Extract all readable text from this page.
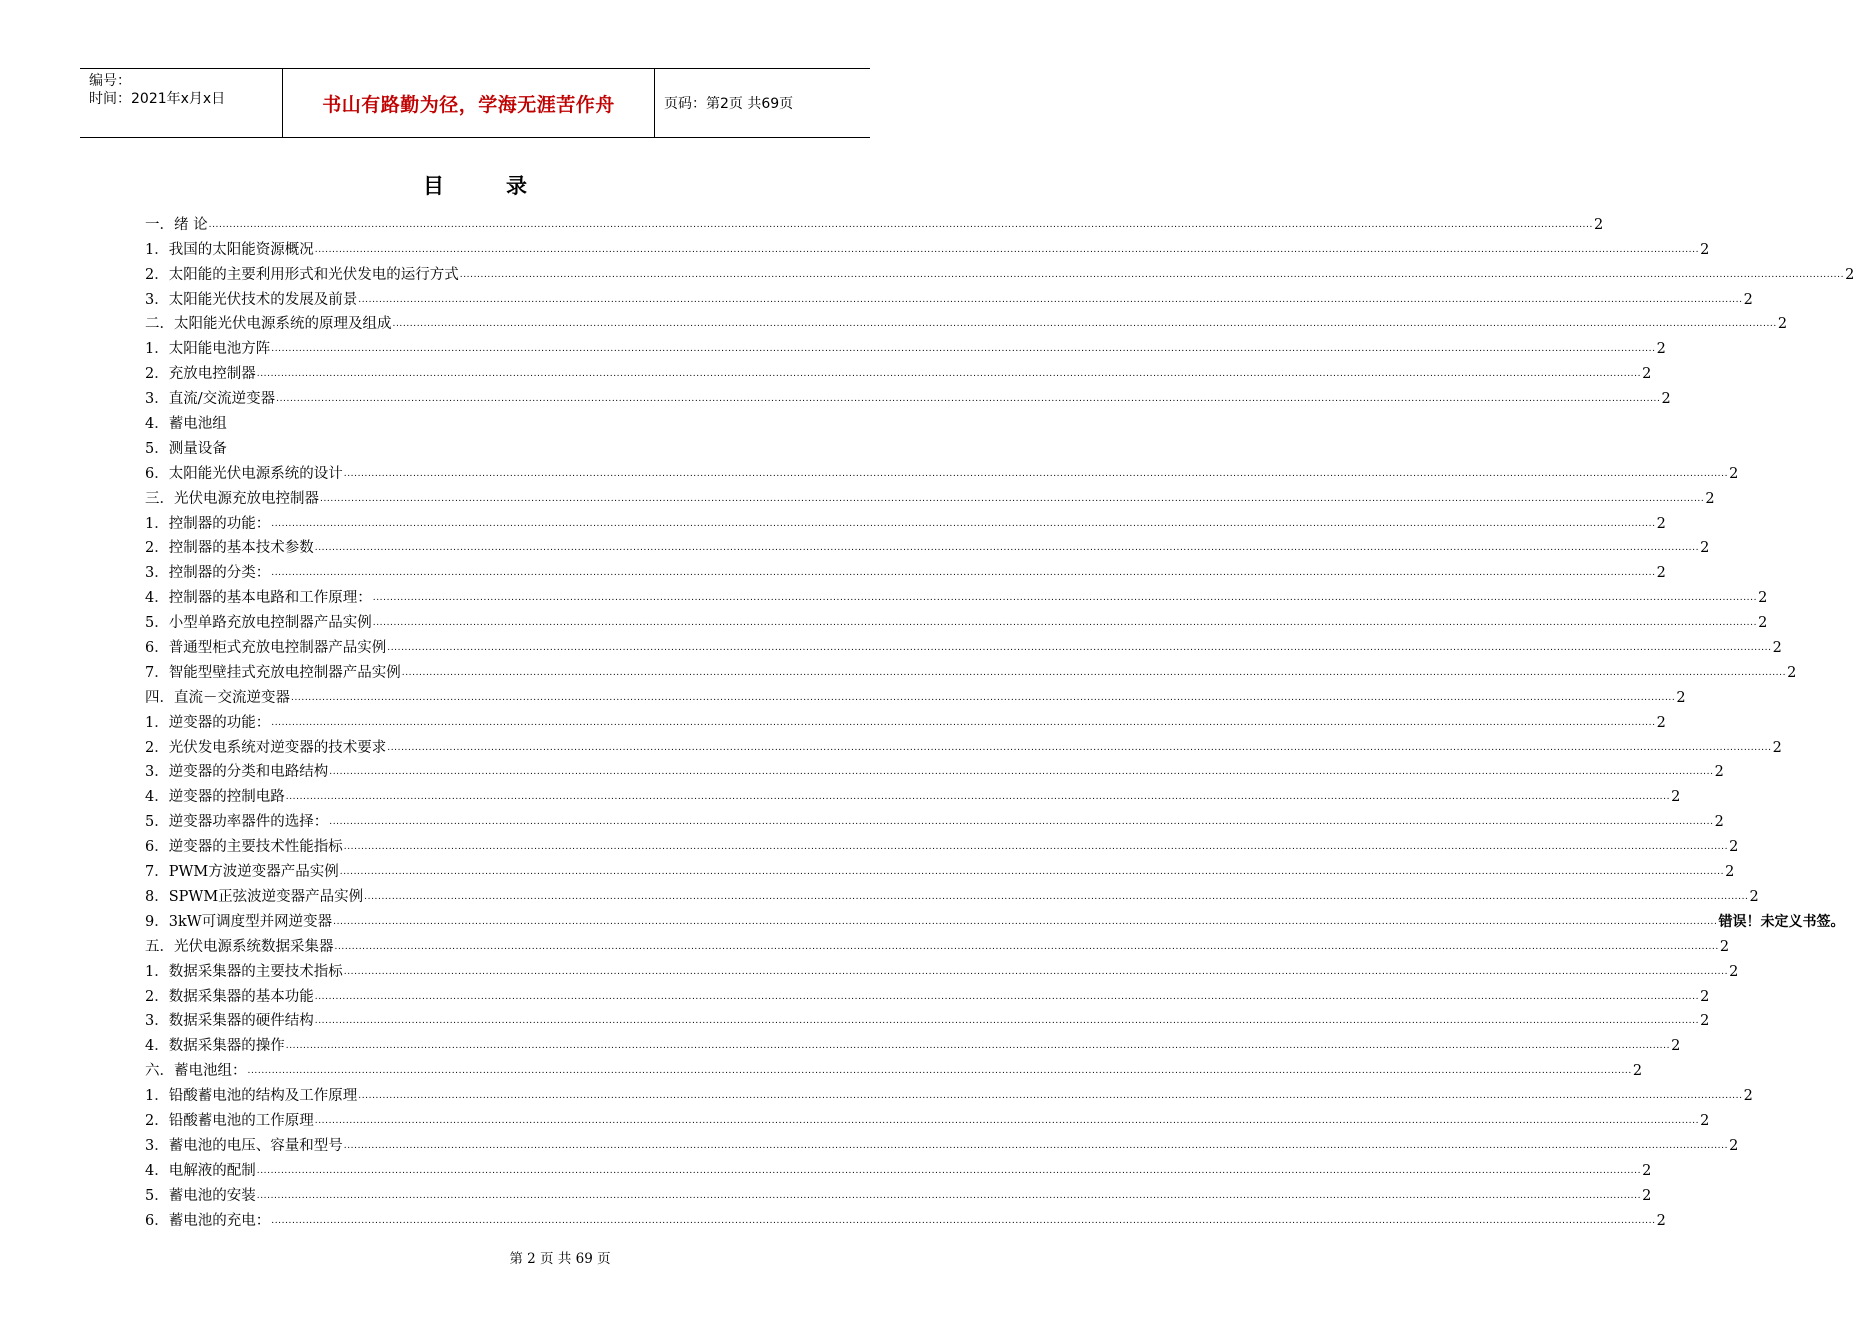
编号：
时间：2021年x月x日	书山有路勤为径，学海无涯苦作舟	页码：第2页 共69页
目	录
一．绪 论 ................................................................................................................................................................................................................................................................................................................................................................................................................ 2
1．我国的太阳能资源概况 ................................................................................................................................................................................................................................................................................................................................................................................................................ 2
2．太阳能的主要利用形式和光伏发电的运行方式 ................................................................................................................................................................................................................................................................................................................................................................................................................ 2
3．太阳能光伏技术的发展及前景 ................................................................................................................................................................................................................................................................................................................................................................................................................ 2
二．太阳能光伏电源系统的原理及组成 ................................................................................................................................................................................................................................................................................................................................................................................................................ 2
1．太阳能电池方阵 ................................................................................................................................................................................................................................................................................................................................................................................................................ 2
2．充放电控制器 ................................................................................................................................................................................................................................................................................................................................................................................................................ 2
3．直流/交流逆变器 ................................................................................................................................................................................................................................................................................................................................................................................................................ 2
4．蓄电池组
5．测量设备
6．太阳能光伏电源系统的设计 ................................................................................................................................................................................................................................................................................................................................................................................................................ 2
三．光伏电源充放电控制器 ................................................................................................................................................................................................................................................................................................................................................................................................................ 2
1．控制器的功能： ................................................................................................................................................................................................................................................................................................................................................................................................................ 2
2．控制器的基本技术参数 ................................................................................................................................................................................................................................................................................................................................................................................................................ 2
3．控制器的分类： ................................................................................................................................................................................................................................................................................................................................................................................................................ 2
4．控制器的基本电路和工作原理： ................................................................................................................................................................................................................................................................................................................................................................................................................ 2
5．小型单路充放电控制器产品实例 ................................................................................................................................................................................................................................................................................................................................................................................................................ 2
6．普通型柜式充放电控制器产品实例 ................................................................................................................................................................................................................................................................................................................................................................................................................ 2
7．智能型壁挂式充放电控制器产品实例 ................................................................................................................................................................................................................................................................................................................................................................................................................ 2
四．直流－交流逆变器 ................................................................................................................................................................................................................................................................................................................................................................................................................ 2
1．逆变器的功能： ................................................................................................................................................................................................................................................................................................................................................................................................................ 2
2．光伏发电系统对逆变器的技术要求 ................................................................................................................................................................................................................................................................................................................................................................................................................ 2
3．逆变器的分类和电路结构 ................................................................................................................................................................................................................................................................................................................................................................................................................ 2
4．逆变器的控制电路 ................................................................................................................................................................................................................................................................................................................................................................................................................ 2
5．逆变器功率器件的选择： ................................................................................................................................................................................................................................................................................................................................................................................................................ 2
6．逆变器的主要技术性能指标 ................................................................................................................................................................................................................................................................................................................................................................................................................ 2
7．PWM方波逆变器产品实例 ................................................................................................................................................................................................................................................................................................................................................................................................................ 2
8．SPWM正弦波逆变器产品实例 ................................................................................................................................................................................................................................................................................................................................................................................................................ 2
9．3kW可调度型并网逆变器 ................................................................................................................................................................................................................................................................................................................................................................................................................ 错误！未定义书签。
五．光伏电源系统数据采集器 ................................................................................................................................................................................................................................................................................................................................................................................................................ 2
1．数据采集器的主要技术指标 ................................................................................................................................................................................................................................................................................................................................................................................................................ 2
2．数据采集器的基本功能 ................................................................................................................................................................................................................................................................................................................................................................................................................ 2
3．数据采集器的硬件结构 ................................................................................................................................................................................................................................................................................................................................................................................................................ 2
4．数据采集器的操作 ................................................................................................................................................................................................................................................................................................................................................................................................................ 2
六．蓄电池组： ................................................................................................................................................................................................................................................................................................................................................................................................................ 2
1．铅酸蓄电池的结构及工作原理 ................................................................................................................................................................................................................................................................................................................................................................................................................ 2
2．铅酸蓄电池的工作原理 ................................................................................................................................................................................................................................................................................................................................................................................................................ 2
3．蓄电池的电压、容量和型号 ................................................................................................................................................................................................................................................................................................................................................................................................................ 2
4．电解液的配制 ................................................................................................................................................................................................................................................................................................................................................................................................................ 2
5．蓄电池的安装 ................................................................................................................................................................................................................................................................................................................................................................................................................ 2
6．蓄电池的充电： ................................................................................................................................................................................................................................................................................................................................................................................................................ 2
第 2 页 共 69 页
